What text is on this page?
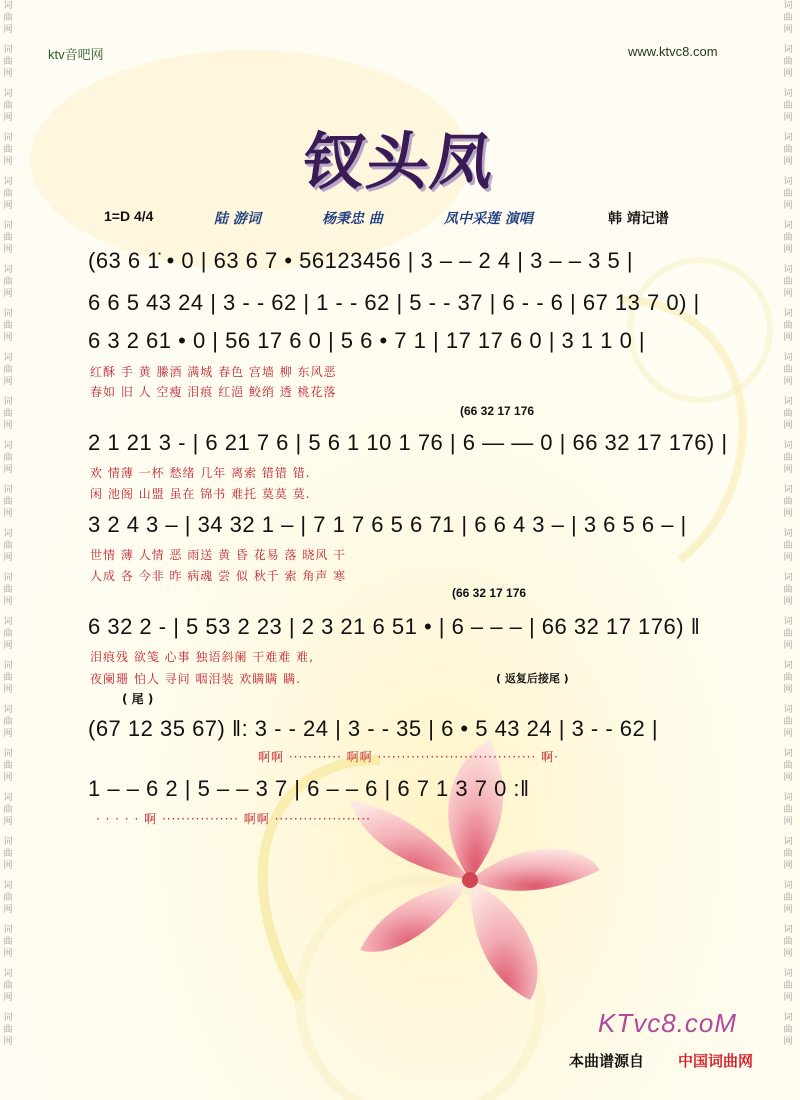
词 曲 网
词 曲 网
词 曲 网
词 曲 网
词 曲 网
词 曲 网
词 曲 网
词 曲 网
词 曲 网
词 曲 网
词 曲 网
词 曲 网
词 曲 网
词 曲 网
词 曲 网
词 曲 网
词 曲 网
词 曲 网
词 曲 网
词 曲 网
词 曲 网
词 曲 网
词 曲 网
词 曲 网
词 曲 网
词 曲 网
词 曲 网
词 曲 网
词 曲 网
词 曲 网
词 曲 网
词 曲 网
词 曲 网
词 曲 网
词 曲 网
词 曲 网
词 曲 网
词 曲 网
词 曲 网
词 曲 网
词 曲 网
词 曲 网
词 曲 网
词 曲 网
词 曲 网
词 曲 网
词 曲 网
词 曲 网
ktv音吧网	www.ktvc8.com
钗头凤
1=D 4/4	陆 游词	杨秉忠 曲	凤中采莲 演唱	韩 靖记谱
(63 6 1̇ • 0 | 63 6 7 • 56123456 | 3 – – 2 4 | 3 – – 3 5 |
6 6 5 43 24 | 3 - - 62 | 1 - - 62 | 5 - - 37 | 6 - - 6 | 67 13 7 0) |
6 3 2 61 • 0 | 56 17 6 0 | 5 6 • 7 1 | 17 17 6 0 | 3 1 1 0 |
红酥 手 黄 縢酒 满城 春色 宫墙 柳 东风恶
春如 旧 人 空瘦 泪痕 红浥 鲛绡 透 桃花落
(66 32 17 176
2 1 21 3 - | 6 21 7 6 | 5 6 1 10 1 76 | 6 — — 0 | 66 32 17 176) |
欢 情薄 一杯 愁绪 几年 离索 错错 错.
闲 池阁 山盟 虽在 锦书 难托 莫莫 莫.
3 2 4 3 – | 34 32 1 – | 7 1 7 6 5 6 71 | 6 6 4 3 – | 3 6 5 6 – |
世情 薄 人情 恶 雨送 黄 昏 花易 落 晓风 干
人成 各 今非 昨 病魂 尝 似 秋千 索 角声 寒
(66 32 17 176
6 32 2 - | 5 53 2 23 | 2 3 21 6 51 • | 6 – – – | 66 32 17 176) ‖
泪痕残 欲笺 心事 独语斜阑 干难难 难,
夜阑珊 怕人 寻问 咽泪装 欢瞒瞒 瞒.	( 返复后接尾 )
( 尾 )
(67 12 35 67) ‖: 3 - - 24 | 3 - - 35 | 6 • 5 43 24 | 3 - - 62 |
啊啊 ··········· 啊啊 ································· 啊·
1 – – 6 2 | 5 – – 3 7 | 6 – – 6 | 6 7 1 3 7 0 :‖
· · · · · 啊 ················ 啊啊 ····················
KTvc8.coM
本曲谱源自 中国词曲网
